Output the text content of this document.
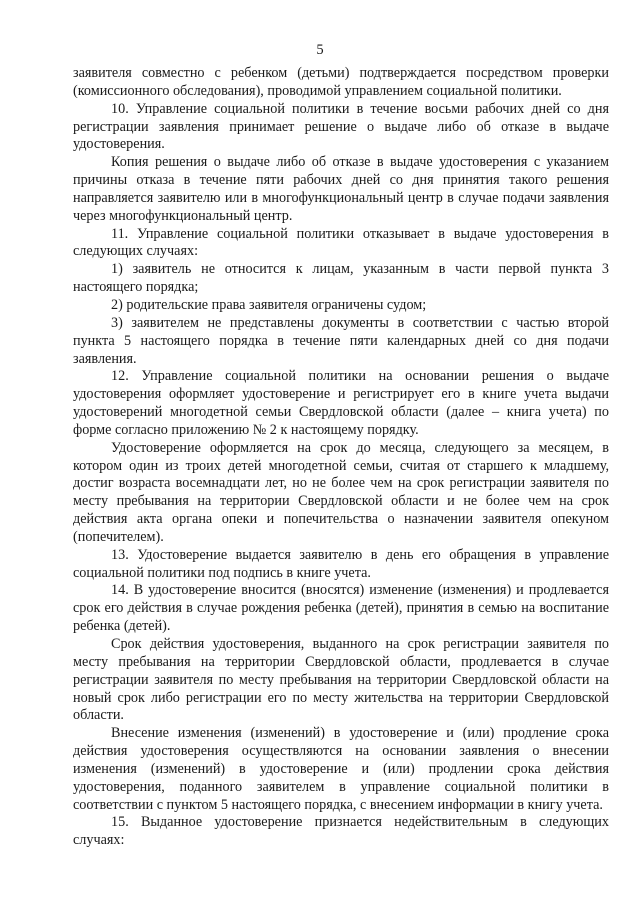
5

заявителя совместно с ребенком (детьми) подтверждается посредством проверки (комиссионного обследования), проводимой управлением социальной политики.

10. Управление социальной политики в течение восьми рабочих дней со дня регистрации заявления принимает решение о выдаче либо об отказе в выдаче удостоверения.

Копия решения о выдаче либо об отказе в выдаче удостоверения с указанием причины отказа в течение пяти рабочих дней со дня принятия такого решения направляется заявителю или в многофункциональный центр в случае подачи заявления через многофункциональный центр.

11. Управление социальной политики отказывает в выдаче удостоверения в следующих случаях:

1) заявитель не относится к лицам, указанным в части первой пункта 3 настоящего порядка;

2) родительские права заявителя ограничены судом;

3) заявителем не представлены документы в соответствии с частью второй пункта 5 настоящего порядка в течение пяти календарных дней со дня подачи заявления.

12. Управление социальной политики на основании решения о выдаче удостоверения оформляет удостоверение и регистрирует его в книге учета выдачи удостоверений многодетной семьи Свердловской области (далее – книга учета) по форме согласно приложению № 2 к настоящему порядку.

Удостоверение оформляется на срок до месяца, следующего за месяцем, в котором один из троих детей многодетной семьи, считая от старшего к младшему, достиг возраста восемнадцати лет, но не более чем на срок регистрации заявителя по месту пребывания на территории Свердловской области и не более чем на срок действия акта органа опеки и попечительства о назначении заявителя опекуном (попечителем).

13. Удостоверение выдается заявителю в день его обращения в управление социальной политики под подпись в книге учета.

14. В удостоверение вносится (вносятся) изменение (изменения) и продлевается срок его действия в случае рождения ребенка (детей), принятия в семью на воспитание ребенка (детей).

Срок действия удостоверения, выданного на срок регистрации заявителя по месту пребывания на территории Свердловской области, продлевается в случае регистрации заявителя по месту пребывания на территории Свердловской области на новый срок либо регистрации его по месту жительства на территории Свердловской области.

Внесение изменения (изменений) в удостоверение и (или) продление срока действия удостоверения осуществляются на основании заявления о внесении изменения (изменений) в удостоверение и (или) продлении срока действия удостоверения, поданного заявителем в управление социальной политики в соответствии с пунктом 5 настоящего порядка, с внесением информации в книгу учета.

15. Выданное удостоверение признается недействительным в следующих случаях:
